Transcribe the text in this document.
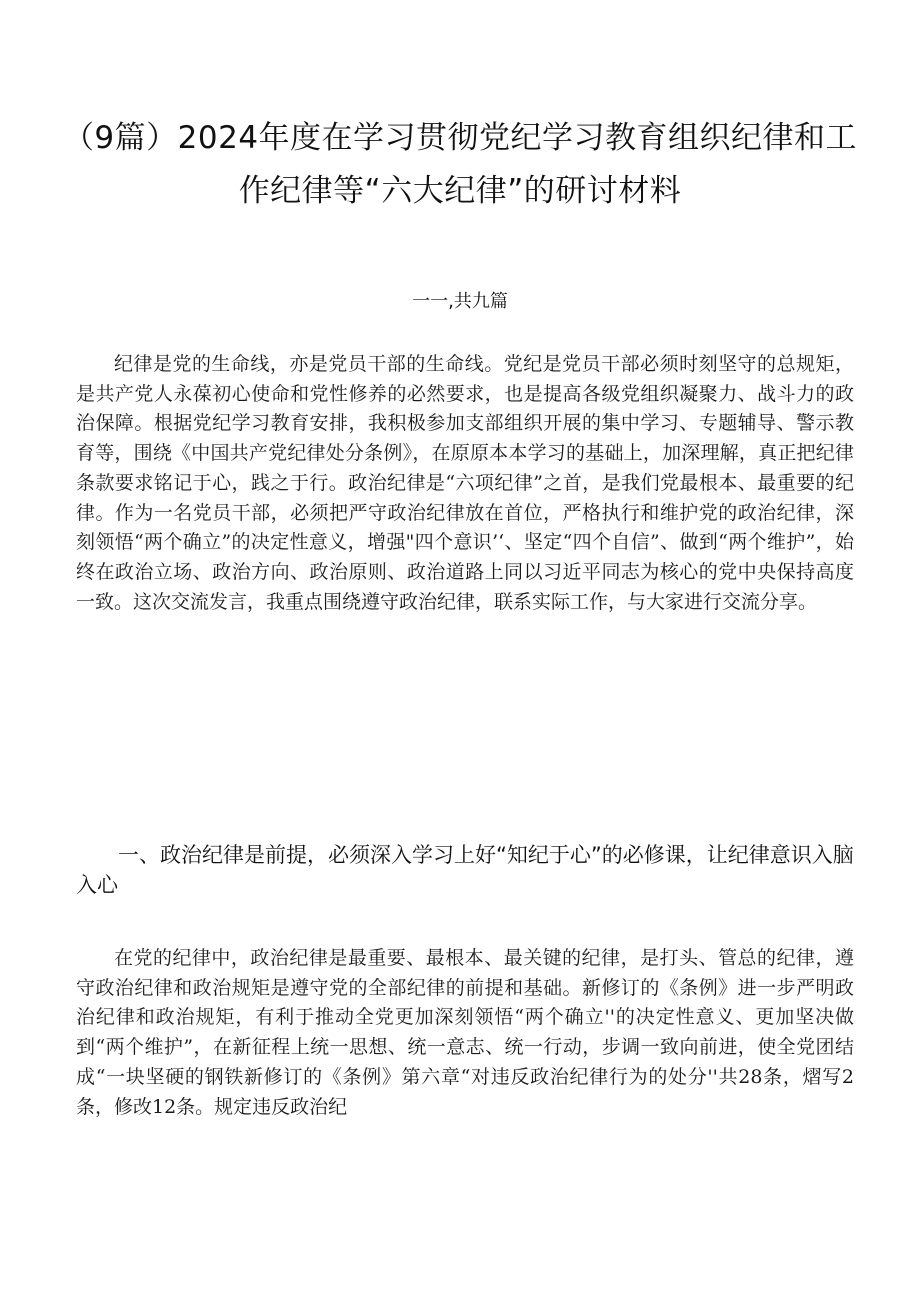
（9篇）2024年度在学习贯彻党纪学习教育组织纪律和工作纪律等“六大纪律”的研讨材料
一一,共九篇

纪律是党的生命线，亦是党员干部的生命线。党纪是党员干部必须时刻坚守的总规矩，是共产党人永葆初心使命和党性修养的必然要求，也是提高各级党组织凝聚力、战斗力的政治保障。根据党纪学习教育安排，我积极参加支部组织开展的集中学习、专题辅导、警示教育等，围绕《中国共产党纪律处分条例》，在原原本本学习的基础上，加深理解，真正把纪律条款要求铭记于心，践之于行。政治纪律是“六项纪律”之首，是我们党最根本、最重要的纪律。作为一名党员干部，必须把严守政治纪律放在首位，严格执行和维护党的政治纪律，深刻领悟“两个确立”的决定性意义，增强"四个意识’‘、坚定“四个自信”、做到“两个维护”，始终在政治立场、政治方向、政治原则、政治道路上同以习近平同志为核心的党中央保持高度一致。这次交流发言，我重点围绕遵守政治纪律，联系实际工作，与大家进行交流分享。

一、政治纪律是前提，必须深入学习上好“知纪于心”的必修课，让纪律意识入脑入心

在党的纪律中，政治纪律是最重要、最根本、最关键的纪律，是打头、管总的纪律，遵守政治纪律和政治规矩是遵守党的全部纪律的前提和基础。新修订的《条例》进一步严明政治纪律和政治规矩，有利于推动全党更加深刻领悟“两个确立''的决定性意义、更加坚决做到“两个维护”，在新征程上统一思想、统一意志、统一行动，步调一致向前进，使全党团结成“一块坚硬的钢铁新修订的《条例》第六章“对违反政治纪律行为的处分''共28条，熠写2条，修改12条。规定违反政治纪
